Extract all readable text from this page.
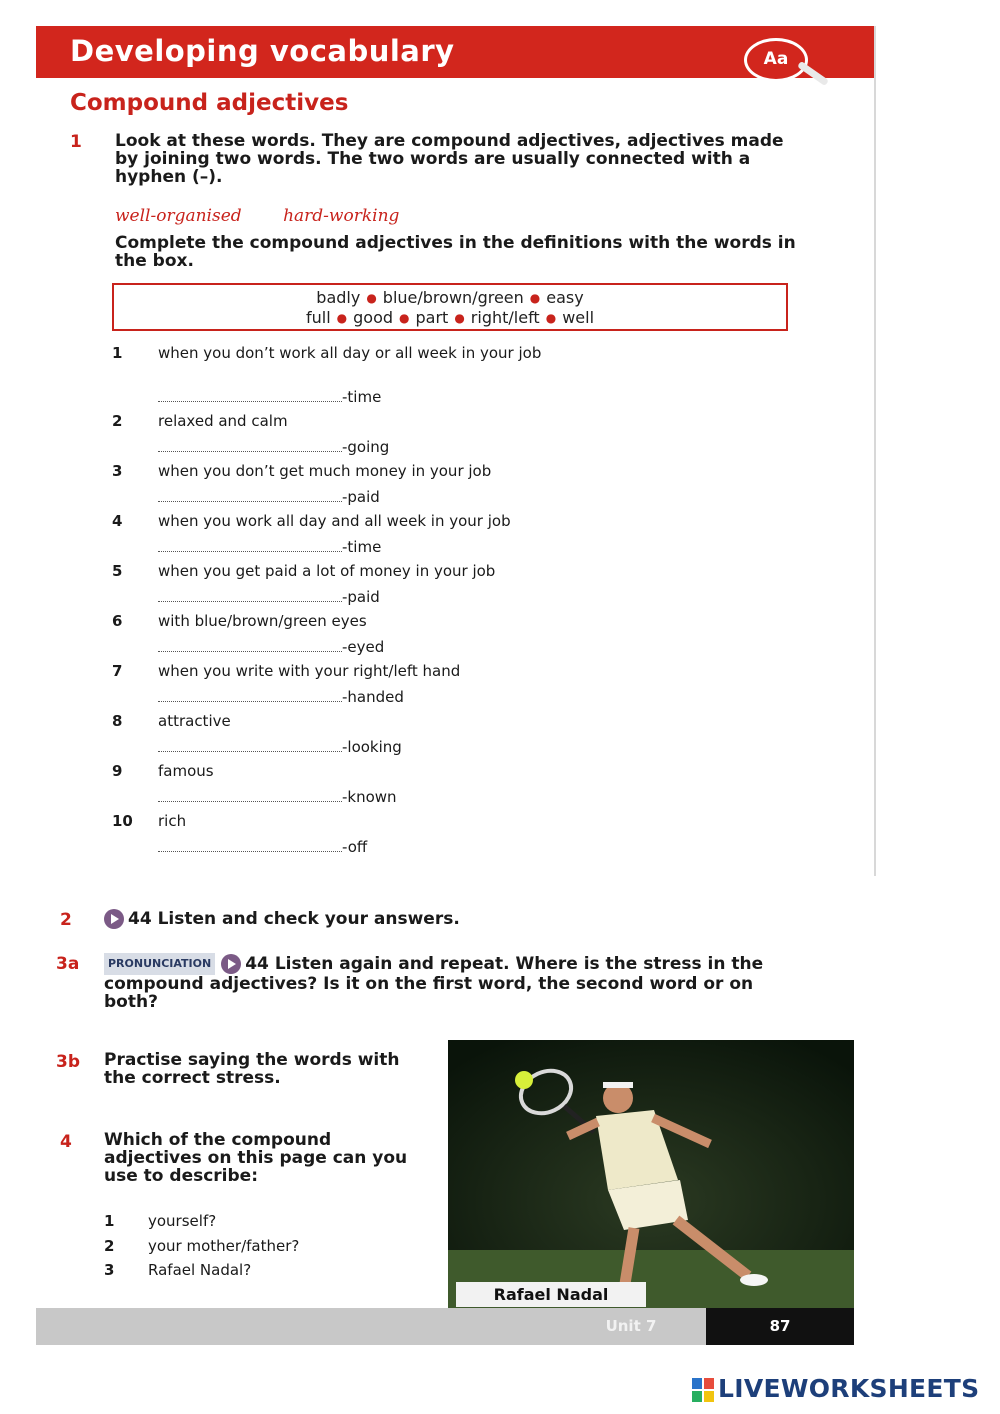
Developing vocabulary	Aa
Compound adjectives
1 Look at these words. They are compound adjectives, adjectives made by joining two words. The two words are usually connected with a hyphen (–).
well-organised hard-working
Complete the compound adjectives in the definitions with the words in the box.
badly ● blue/brown/green ● easy
full ● good ● part ● right/left ● well
1 when you don’t work all day or all week in your job
-time
2 relaxed and calm
-going
3 when you don’t get much money in your job
-paid
4 when you work all day and all week in your job
-time
5 when you get paid a lot of money in your job
-paid
6 with blue/brown/green eyes
-eyed
7 when you write with your right/left hand
-handed
8 attractive
-looking
9 famous
-known
10 rich
-off
2	44 Listen and check your answers.
3a	PRONUNCIATION 44 Listen again and repeat. Where is the stress in the compound adjectives? Is it on the first word, the second word or on both?
3b Practise saying the words with the correct stress.
4 Which of the compound adjectives on this page can you use to describe:
1 yourself?
2 your mother/father?
3 Rafael Nadal?
Rafael Nadal
Unit 7	87
LIVEWORKSHEETS
